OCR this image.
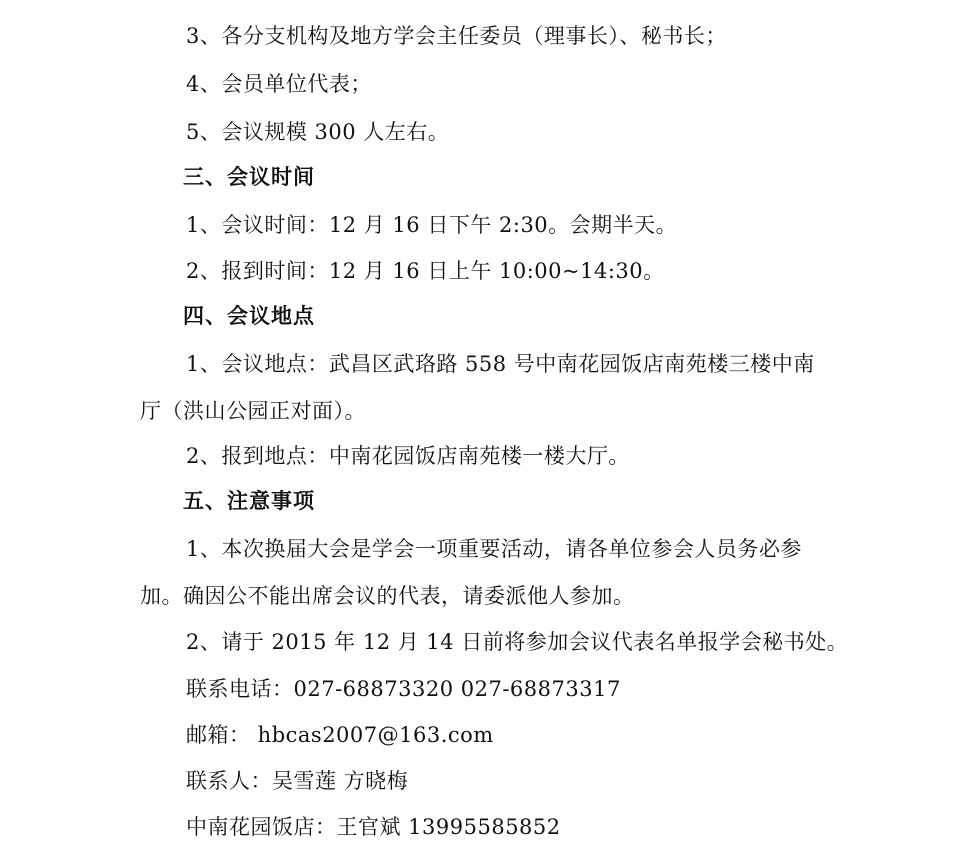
3、各分支机构及地方学会主任委员（理事长）、秘书长；
4、会员单位代表；
5、会议规模 300 人左右。
三、会议时间
1、会议时间：12 月 16 日下午 2:30。会期半天。
2、报到时间：12 月 16 日上午 10:00~14:30。
四、会议地点
1、会议地点：武昌区武珞路 558 号中南花园饭店南苑楼三楼中南
厅（洪山公园正对面）。
2、报到地点：中南花园饭店南苑楼一楼大厅。
五、注意事项
1、本次换届大会是学会一项重要活动，请各单位参会人员务必参
加。确因公不能出席会议的代表，请委派他人参加。
2、请于 2015 年 12 月 14 日前将参加会议代表名单报学会秘书处。
联系电话：027-68873320 027-68873317
邮箱： hbcas2007@163.com
联系人：吴雪莲 方晓梅
中南花园饭店：王官斌 13995585852
